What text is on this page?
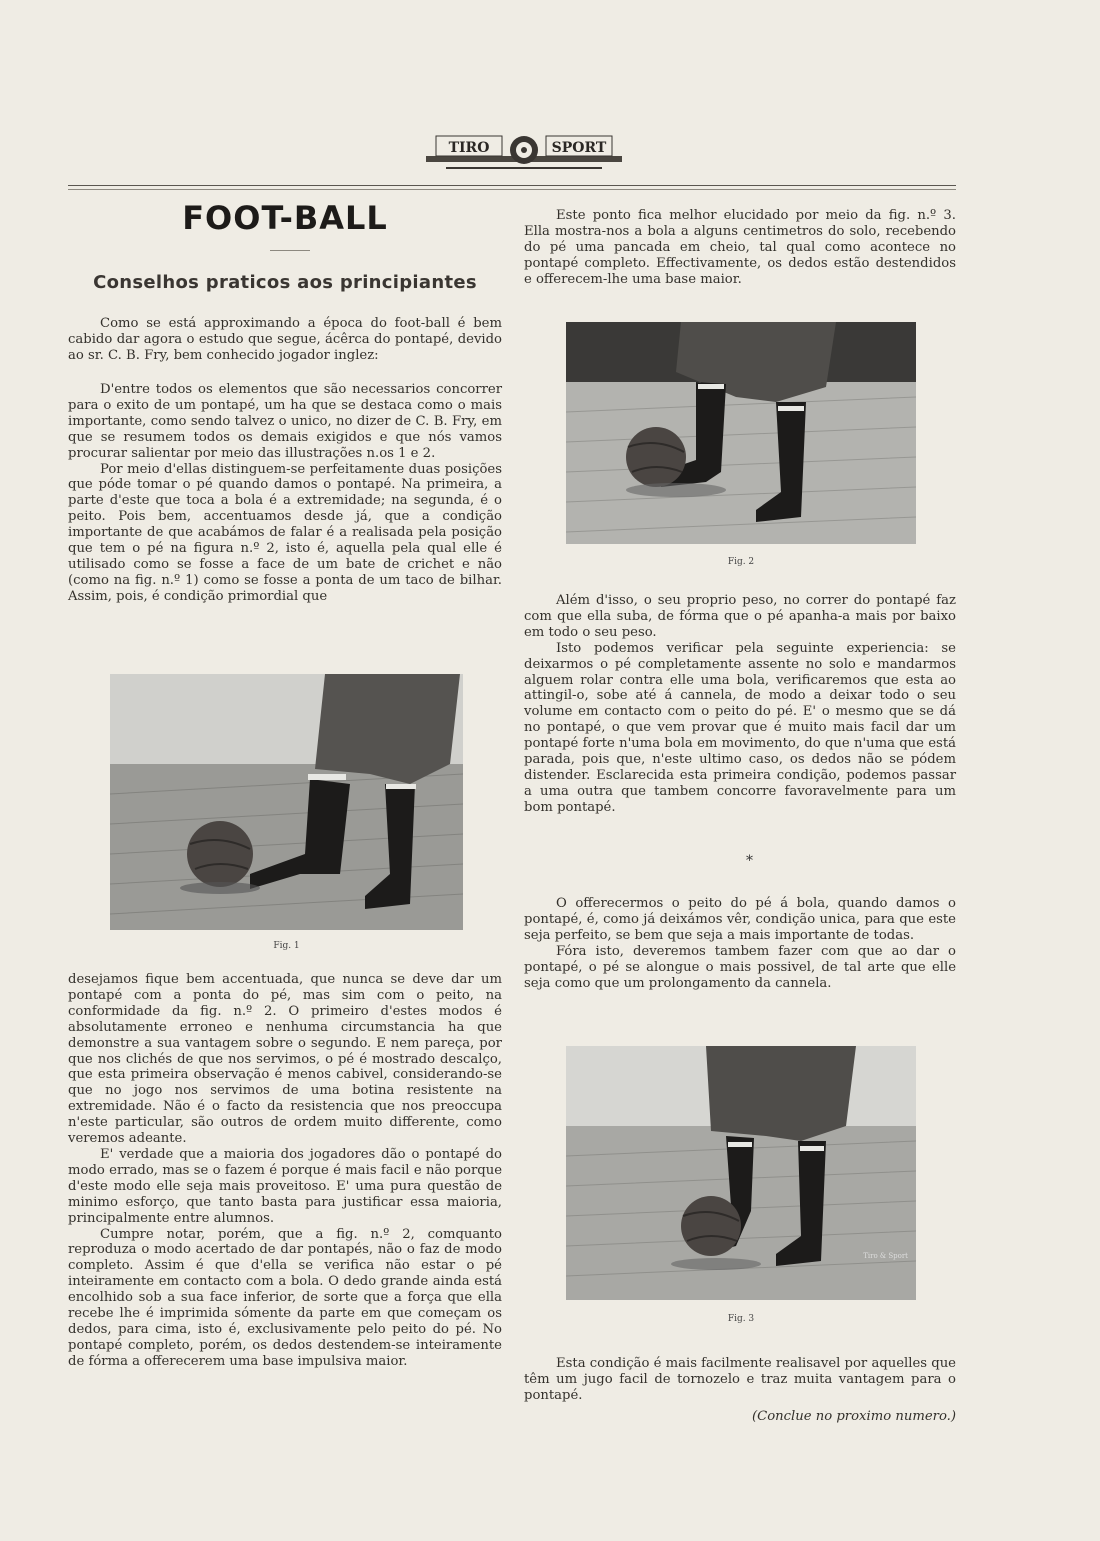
TIRO	SPORT
FOOT-BALL
Conselhos praticos aos principiantes

Como se está approximando a época do foot-ball é bem cabido dar agora o estudo que segue, ácêrca do pontapé, devido ao sr. C. B. Fry, bem conhecido jogador inglez:

D'entre todos os elementos que são necessarios concorrer para o exito de um pontapé, um ha que se destaca como o mais importante, como sendo talvez o unico, no dizer de C. B. Fry, em que se resumem todos os demais exigidos e que nós vamos procurar salientar por meio das illustrações n.os 1 e 2.

Por meio d'ellas distinguem-se perfeitamente duas posições que póde tomar o pé quando damos o pontapé. Na primeira, a parte d'este que toca a bola é a extremidade; na segunda, é o peito. Pois bem, accentuamos desde já, que a condição importante de que acabámos de falar é a realisada pela posição que tem o pé na figura n.º 2, isto é, aquella pela qual elle é utilisado como se fosse a face de um bate de crichet e não (como na fig. n.º 1) como se fosse a ponta de um taco de bilhar. Assim, pois, é condição primordial que

Fig. 1

desejamos fique bem accentuada, que nunca se deve dar um pontapé com a ponta do pé, mas sim com o peito, na conformidade da fig. n.º 2. O primeiro d'estes modos é absolutamente erroneo e nenhuma circumstancia ha que demonstre a sua vantagem sobre o segundo. E nem pareça, por que nos clichés de que nos servimos, o pé é mostrado descalço, que esta primeira observação é menos cabivel, considerando-se que no jogo nos servimos de uma botina resistente na extremidade. Não é o facto da resistencia que nos preoccupa n'este particular, são outros de ordem muito differente, como veremos adeante.

E' verdade que a maioria dos jogadores dão o pontapé do modo errado, mas se o fazem é porque é mais facil e não porque d'este modo elle seja mais proveitoso. E' uma pura questão de minimo esforço, que tanto basta para justificar essa maioria, principalmente entre alumnos.

Cumpre notar, porém, que a fig. n.º 2, comquanto reproduza o modo acertado de dar pontapés, não o faz de modo completo. Assim é que d'ella se verifica não estar o pé inteiramente em contacto com a bola. O dedo grande ainda está encolhido sob a sua face inferior, de sorte que a força que ella recebe lhe é imprimida sómente da parte em que começam os dedos, para cima, isto é, exclusivamente pelo peito do pé. No pontapé completo, porém, os dedos destendem-se inteiramente de fórma a offerecerem uma base impulsiva maior.

Este ponto fica melhor elucidado por meio da fig. n.º 3. Ella mostra-nos a bola a alguns centimetros do solo, recebendo do pé uma pancada em cheio, tal qual como acontece no pontapé completo. Effectivamente, os dedos estão destendidos e offerecem-lhe uma base maior.

Fig. 2

Além d'isso, o seu proprio peso, no correr do pontapé faz com que ella suba, de fórma que o pé apanha-a mais por baixo em todo o seu peso.

Isto podemos verificar pela seguinte experiencia: se deixarmos o pé completamente assente no solo e mandarmos alguem rolar contra elle uma bola, verificaremos que esta ao attingil-o, sobe até á cannela, de modo a deixar todo o seu volume em contacto com o peito do pé. E' o mesmo que se dá no pontapé, o que vem provar que é muito mais facil dar um pontapé forte n'uma bola em movimento, do que n'uma que está parada, pois que, n'este ultimo caso, os dedos não se pódem distender. Esclarecida esta primeira condição, podemos passar a uma outra que tambem concorre favoravelmente para um bom pontapé.

*

O offerecermos o peito do pé á bola, quando damos o pontapé, é, como já deixámos vêr, condição unica, para que este seja perfeito, se bem que seja a mais importante de todas.

Fóra isto, deveremos tambem fazer com que ao dar o pontapé, o pé se alongue o mais possivel, de tal arte que elle seja como que um prolongamento da cannela.

Tiro & Sport
Fig. 3

Esta condição é mais facilmente realisavel por aquelles que têm um jugo facil de tornozelo e traz muita vantagem para o pontapé.

(Conclue no proximo numero.)
